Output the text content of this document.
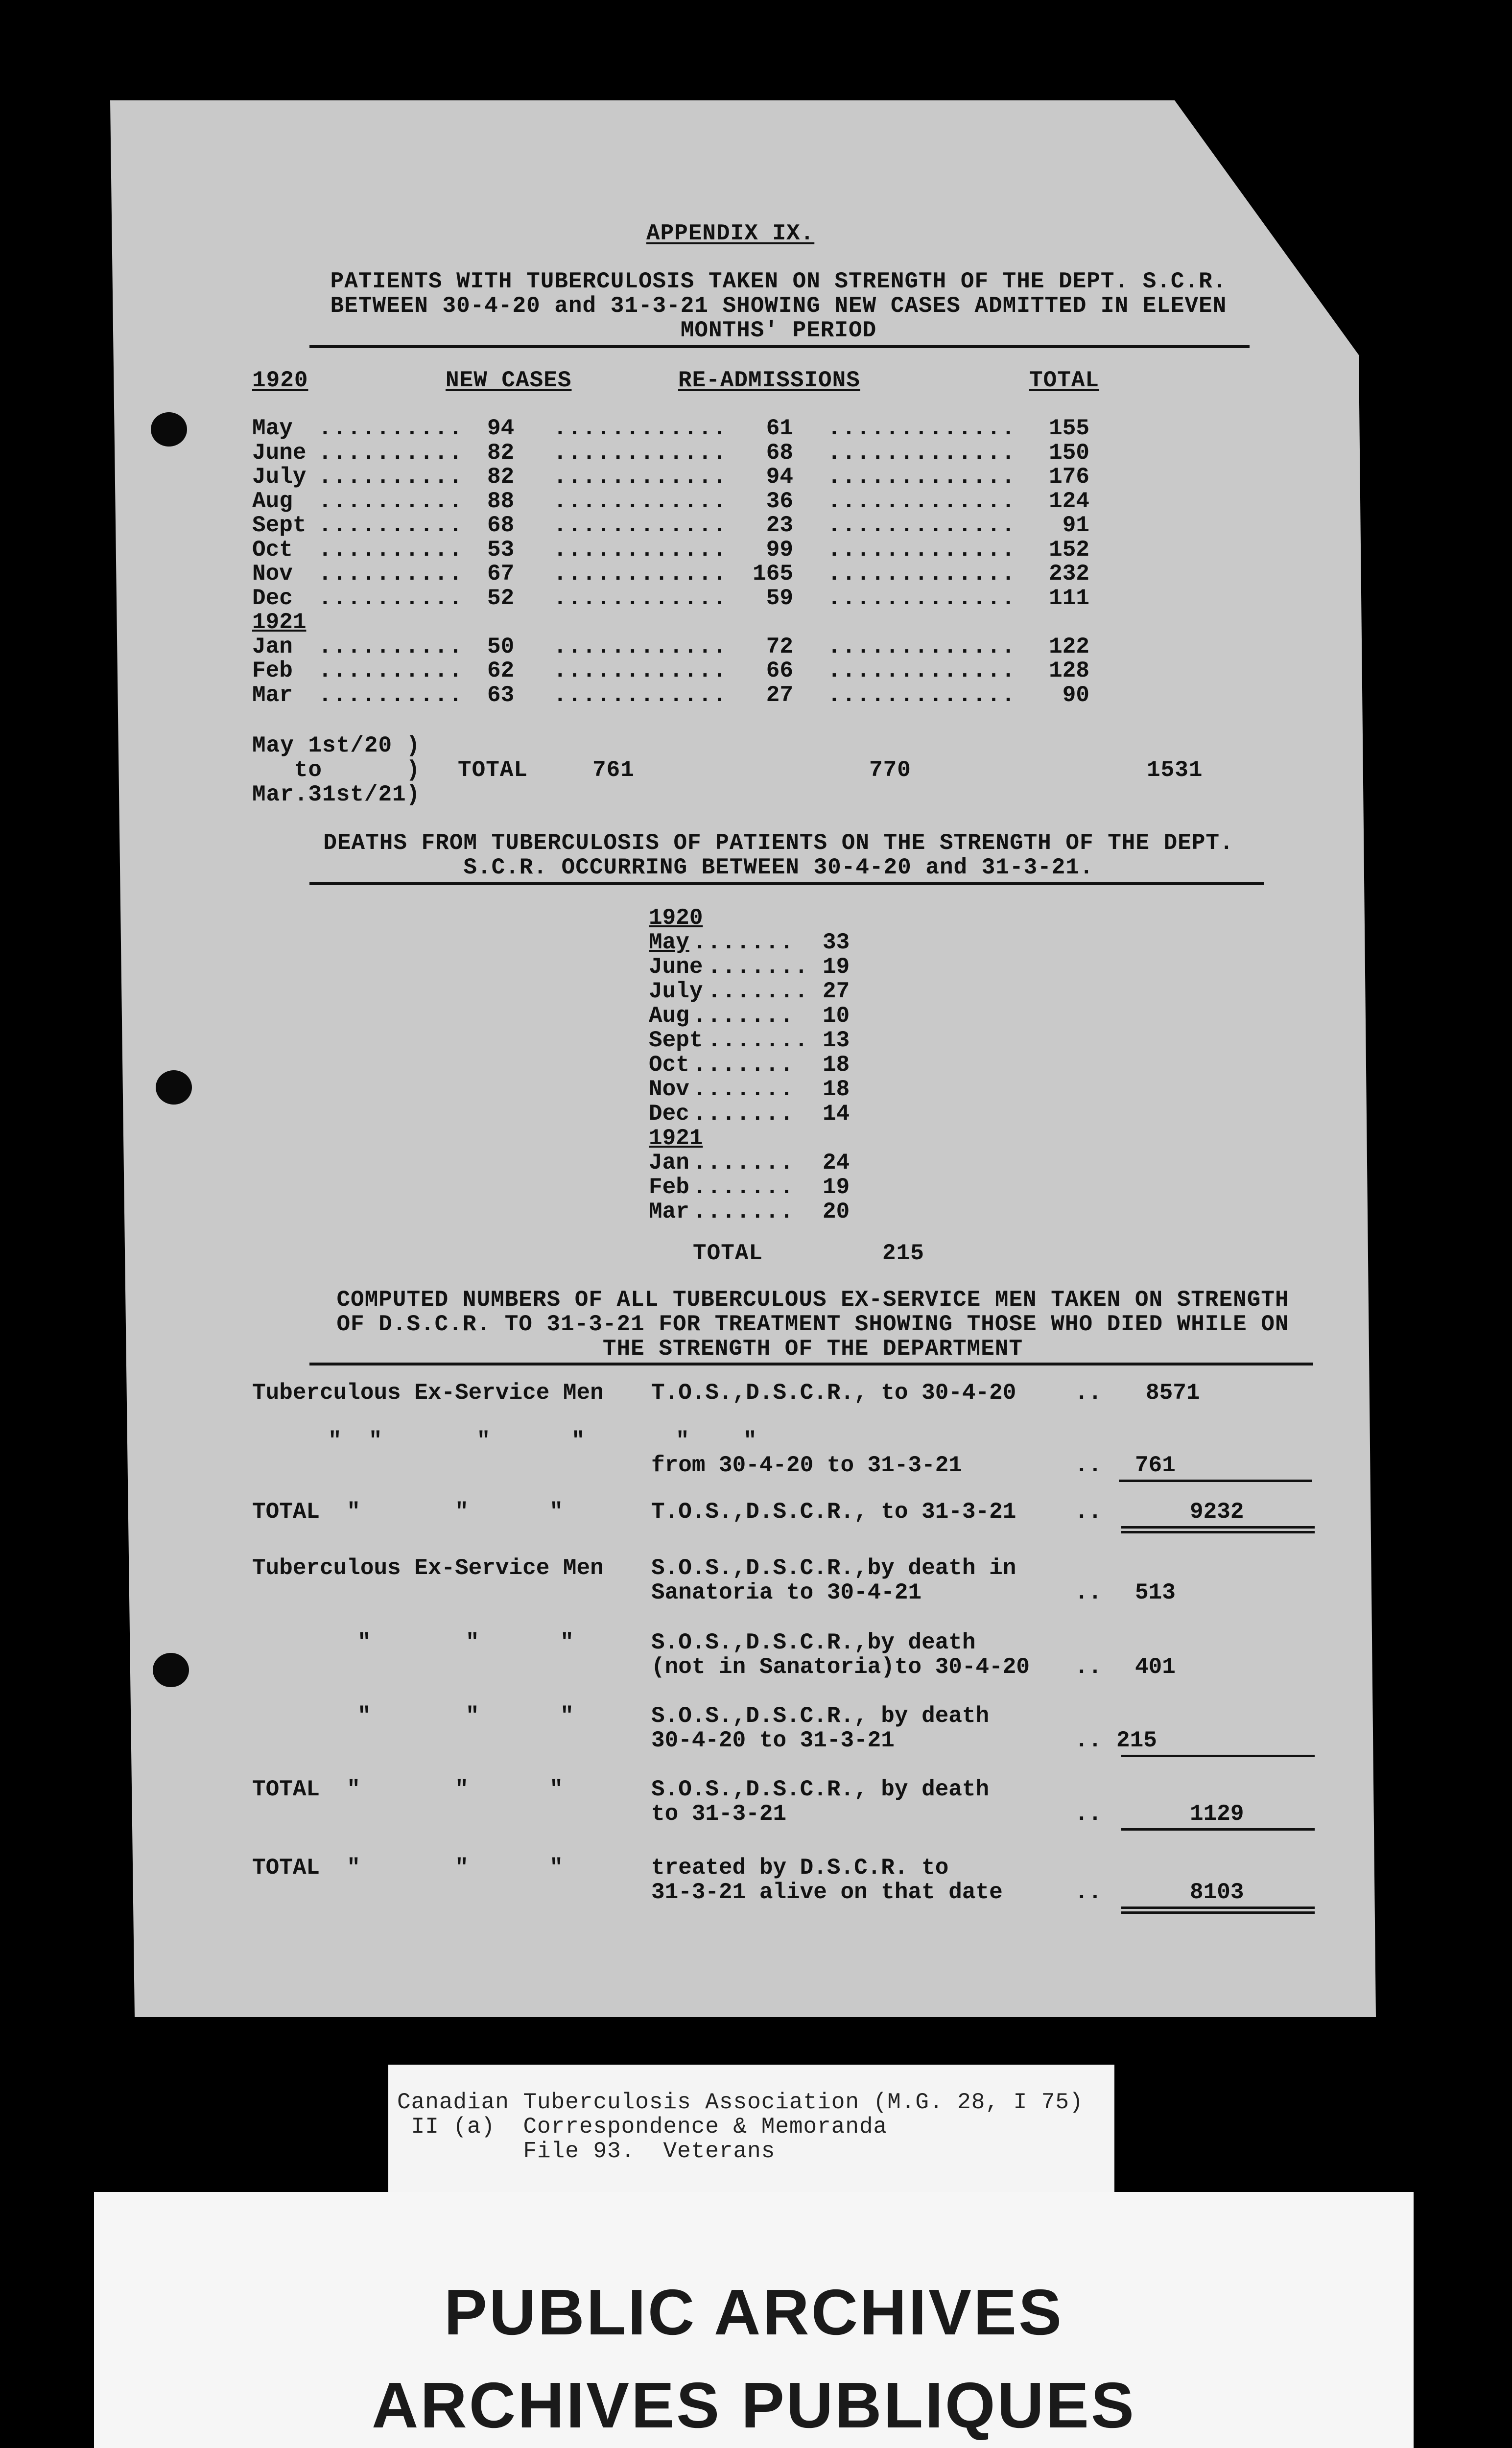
APPENDIX IX.
PATIENTS WITH TUBERCULOSIS TAKEN ON STRENGTH OF THE DEPT. S.C.R.
BETWEEN 30-4-20 and 31-3-21 SHOWING NEW CASES ADMITTED IN ELEVEN
MONTHS' PERIOD
1920	NEW CASES	RE-ADMISSIONS	TOTAL
May .......... 94 ............	61 .............	155
June .......... 82 ............	68 .............	150
July .......... 82 ............	94 .............	176
Aug .......... 88 ............	36 .............	124
Sept .......... 68 ............	23 .............	91
Oct .......... 53 ............	99 .............	152
Nov .......... 67 ............	165 .............	232
Dec .......... 52 ............	59 .............	111
1921
Jan .......... 50 ............	72 .............	122
Feb .......... 62 ............	66 .............	128
Mar .......... 63 ............	27 .............	90
May 1st/20 )
to      )
Mar.31st/21)
TOTAL	761	770	1531
DEATHS FROM TUBERCULOSIS OF PATIENTS ON THE STRENGTH OF THE DEPT.
S.C.R. OCCURRING BETWEEN 30-4-20 and 31-3-21.
1920
May ....... 33
June ....... 19
July ....... 27
Aug ....... 10
Sept ....... 13
Oct ....... 18
Nov ....... 18
Dec ....... 14
1921
Jan ....... 24
Feb ....... 19
Mar ....... 20
TOTAL	215
COMPUTED NUMBERS OF ALL TUBERCULOUS EX-SERVICE MEN TAKEN ON STRENGTH
OF D.S.C.R. TO 31-3-21 FOR TREATMENT SHOWING THOSE WHO DIED WHILE ON
THE STRENGTH OF THE DEPARTMENT
Tuberculous Ex-Service Men T.O.S.,D.S.C.R., to 30-4-20	.. 8571
"  "       "      "	"    "
from 30-4-20 to 31-3-21	.. 761
TOTAL  "       "      "	T.O.S.,D.S.C.R., to 31-3-21	..	9232
Tuberculous Ex-Service Men S.O.S.,D.S.C.R.,by death in
Sanatoria to 30-4-21	.. 513
"       "      "	S.O.S.,D.S.C.R.,by death
(not in Sanatoria)to 30-4-20 .. 401
"       "      "	S.O.S.,D.S.C.R., by death
30-4-20 to 31-3-21	.. 215
TOTAL  "       "      "	S.O.S.,D.S.C.R., by death
to 31-3-21	..	1129
TOTAL  "       "      "	treated by D.S.C.R. to
31-3-21 alive on that date	..	8103
Canadian Tuberculosis Association (M.G. 28, I 75)
II (a)  Correspondence & Memoranda
File 93.  Veterans
PUBLIC ARCHIVES
ARCHIVES PUBLIQUES
